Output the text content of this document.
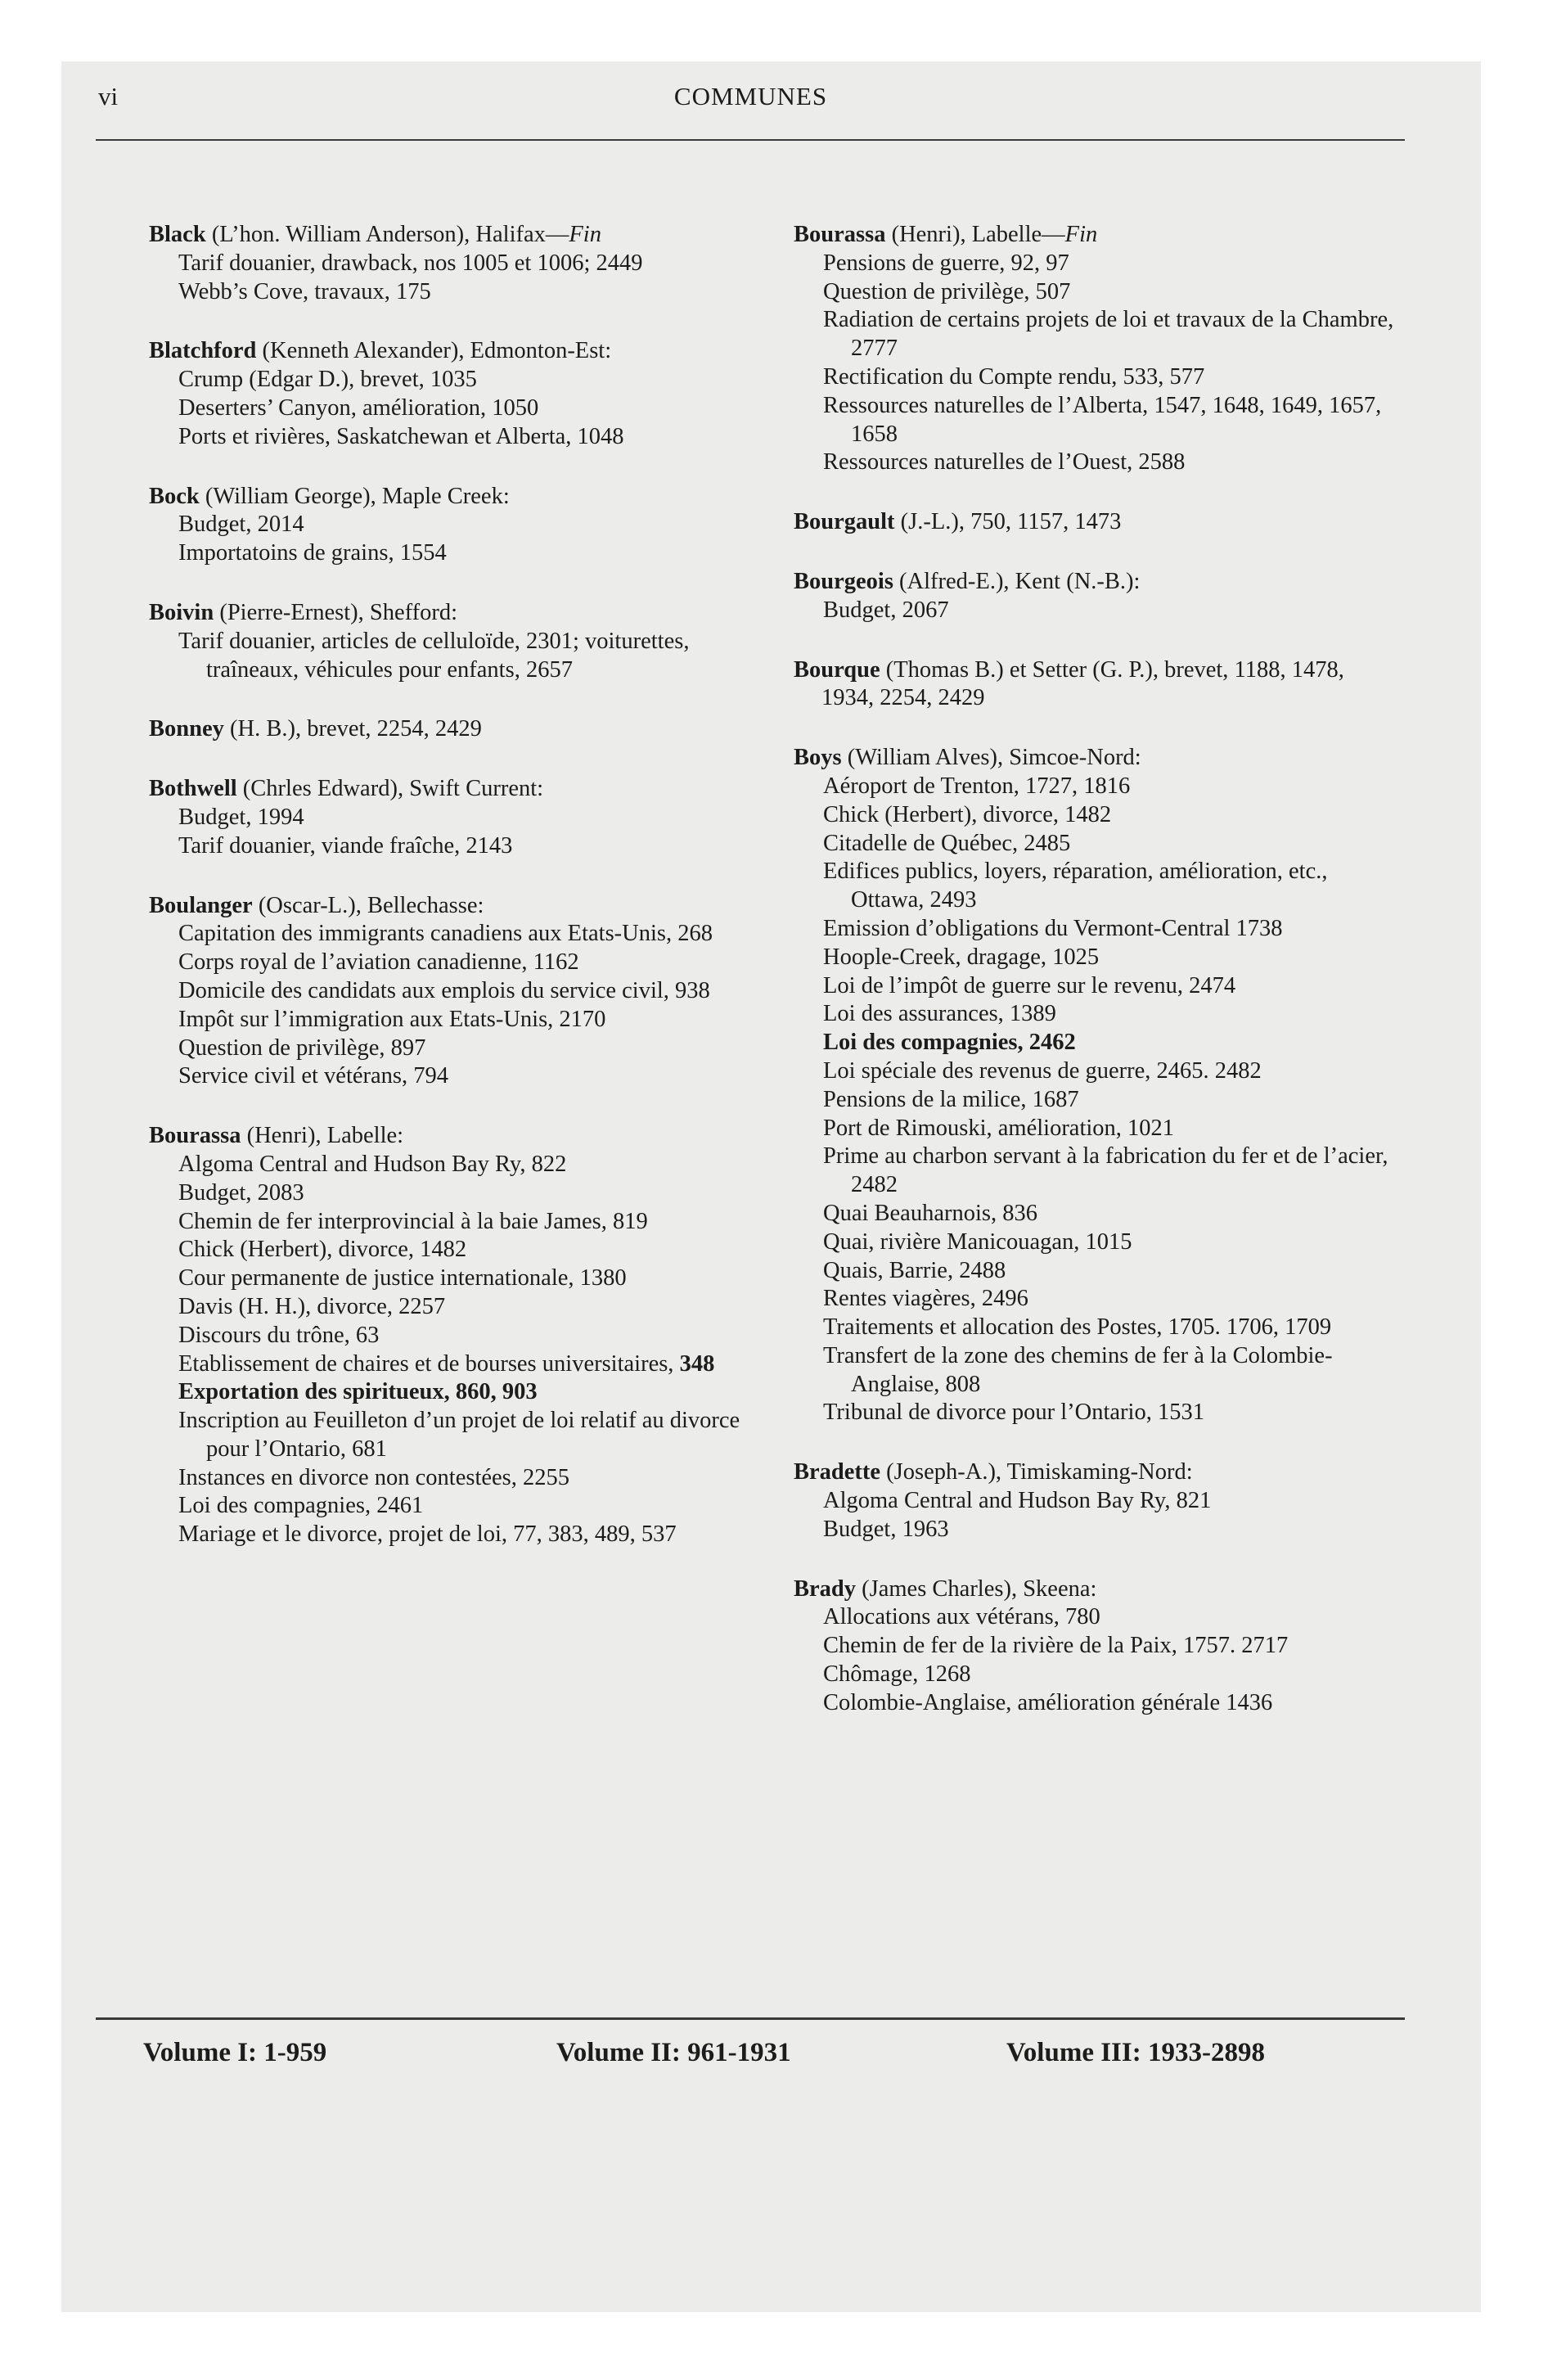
vi	COMMUNES
Black (L’hon. William Anderson), Halifax—Fin
Tarif douanier, drawback, nos 1005 et 1006; 2449
Webb’s Cove, travaux, 175
Blatchford (Kenneth Alexander), Edmonton-Est:
Crump (Edgar D.), brevet, 1035
Deserters’ Canyon, amélioration, 1050
Ports et rivières, Saskatchewan et Alberta, 1048
Bock (William George), Maple Creek:
Budget, 2014
Importatoins de grains, 1554
Boivin (Pierre-Ernest), Shefford:
Tarif douanier, articles de celluloïde, 2301; voiturettes, traîneaux, véhicules pour enfants, 2657
Bonney (H. B.), brevet, 2254, 2429
Bothwell (Chrles Edward), Swift Current:
Budget, 1994
Tarif douanier, viande fraîche, 2143
Boulanger (Oscar-L.), Bellechasse:
Capitation des immigrants canadiens aux Etats-Unis, 268
Corps royal de l’aviation canadienne, 1162
Domicile des candidats aux emplois du service civil, 938
Impôt sur l’immigration aux Etats-Unis, 2170
Question de privilège, 897
Service civil et vétérans, 794
Bourassa (Henri), Labelle:
Algoma Central and Hudson Bay Ry, 822
Budget, 2083
Chemin de fer interprovincial à la baie James, 819
Chick (Herbert), divorce, 1482
Cour permanente de justice internationale, 1380
Davis (H. H.), divorce, 2257
Discours du trône, 63
Etablissement de chaires et de bourses universitaires, 348
Exportation des spiritueux, 860, 903
Inscription au Feuilleton d’un projet de loi relatif au divorce pour l’Ontario, 681
Instances en divorce non contestées, 2255
Loi des compagnies, 2461
Mariage et le divorce, projet de loi, 77, 383, 489, 537
Bourassa (Henri), Labelle—Fin
Pensions de guerre, 92, 97
Question de privilège, 507
Radiation de certains projets de loi et travaux de la Chambre, 2777
Rectification du Compte rendu, 533, 577
Ressources naturelles de l’Alberta, 1547, 1648, 1649, 1657, 1658
Ressources naturelles de l’Ouest, 2588
Bourgault (J.-L.), 750, 1157, 1473
Bourgeois (Alfred-E.), Kent (N.-B.):
Budget, 2067
Bourque (Thomas B.) et Setter (G. P.), brevet, 1188, 1478, 1934, 2254, 2429
Boys (William Alves), Simcoe-Nord:
Aéroport de Trenton, 1727, 1816
Chick (Herbert), divorce, 1482
Citadelle de Québec, 2485
Edifices publics, loyers, réparation, amélioration, etc., Ottawa, 2493
Emission d’obligations du Vermont-Central 1738
Hoople-Creek, dragage, 1025
Loi de l’impôt de guerre sur le revenu, 2474
Loi des assurances, 1389
Loi des compagnies, 2462
Loi spéciale des revenus de guerre, 2465. 2482
Pensions de la milice, 1687
Port de Rimouski, amélioration, 1021
Prime au charbon servant à la fabrication du fer et de l’acier, 2482
Quai Beauharnois, 836
Quai, rivière Manicouagan, 1015
Quais, Barrie, 2488
Rentes viagères, 2496
Traitements et allocation des Postes, 1705. 1706, 1709
Transfert de la zone des chemins de fer à la Colombie-Anglaise, 808
Tribunal de divorce pour l’Ontario, 1531
Bradette (Joseph-A.), Timiskaming-Nord:
Algoma Central and Hudson Bay Ry, 821
Budget, 1963
Brady (James Charles), Skeena:
Allocations aux vétérans, 780
Chemin de fer de la rivière de la Paix, 1757. 2717
Chômage, 1268
Colombie-Anglaise, amélioration générale 1436
Volume I: 1-959	Volume II: 961-1931	Volume III: 1933-2898
